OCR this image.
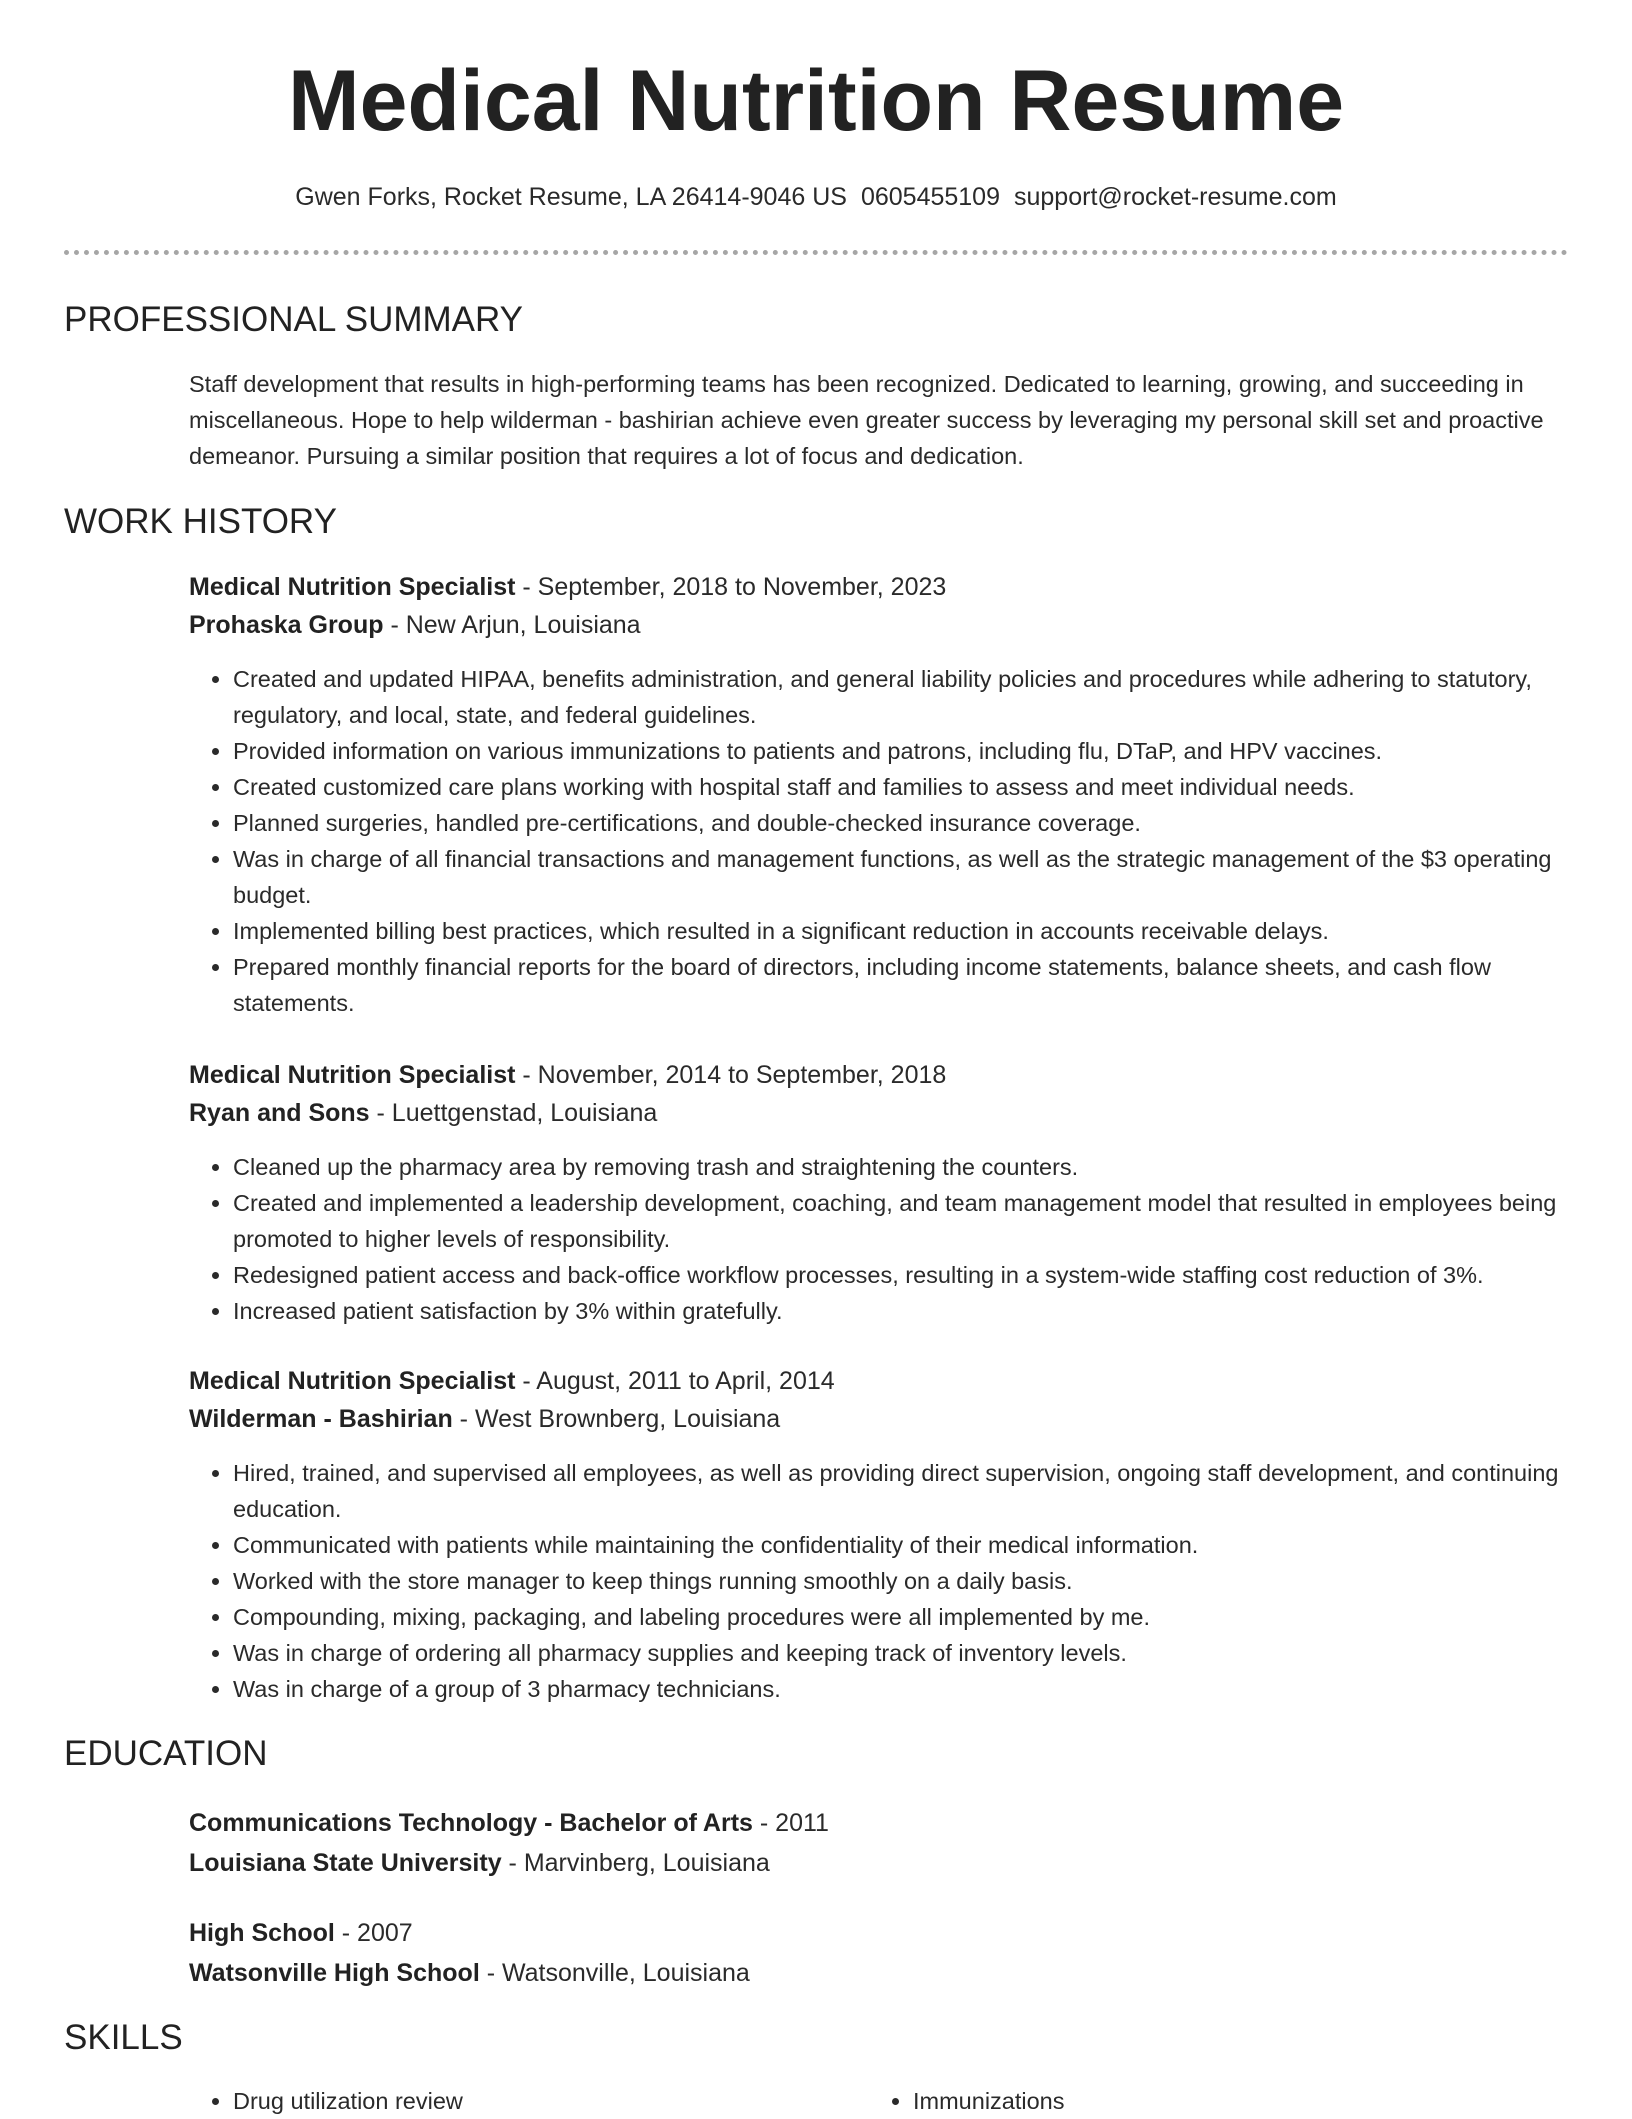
Medical Nutrition Resume
Gwen Forks, Rocket Resume, LA 26414-9046 US 0605455109 support@rocket-resume.com
PROFESSIONAL SUMMARY
Staff development that results in high-performing teams has been recognized. Dedicated to learning, growing, and succeeding in miscellaneous. Hope to help wilderman - bashirian achieve even greater success by leveraging my personal skill set and proactive demeanor. Pursuing a similar position that requires a lot of focus and dedication.
WORK HISTORY
Medical Nutrition Specialist - September, 2018 to November, 2023
Prohaska Group - New Arjun, Louisiana
• Created and updated HIPAA, benefits administration, and general liability policies and procedures while adhering to statutory, regulatory, and local, state, and federal guidelines.
• Provided information on various immunizations to patients and patrons, including flu, DTaP, and HPV vaccines.
• Created customized care plans working with hospital staff and families to assess and meet individual needs.
• Planned surgeries, handled pre-certifications, and double-checked insurance coverage.
• Was in charge of all financial transactions and management functions, as well as the strategic management of the $3 operating budget.
• Implemented billing best practices, which resulted in a significant reduction in accounts receivable delays.
• Prepared monthly financial reports for the board of directors, including income statements, balance sheets, and cash flow statements.
Medical Nutrition Specialist - November, 2014 to September, 2018
Ryan and Sons - Luettgenstad, Louisiana
• Cleaned up the pharmacy area by removing trash and straightening the counters.
• Created and implemented a leadership development, coaching, and team management model that resulted in employees being promoted to higher levels of responsibility.
• Redesigned patient access and back-office workflow processes, resulting in a system-wide staffing cost reduction of 3%.
• Increased patient satisfaction by 3% within gratefully.
Medical Nutrition Specialist - August, 2011 to April, 2014
Wilderman - Bashirian - West Brownberg, Louisiana
• Hired, trained, and supervised all employees, as well as providing direct supervision, ongoing staff development, and continuing education.
• Communicated with patients while maintaining the confidentiality of their medical information.
• Worked with the store manager to keep things running smoothly on a daily basis.
• Compounding, mixing, packaging, and labeling procedures were all implemented by me.
• Was in charge of ordering all pharmacy supplies and keeping track of inventory levels.
• Was in charge of a group of 3 pharmacy technicians.
EDUCATION
Communications Technology - Bachelor of Arts - 2011
Louisiana State University - Marvinberg, Louisiana
High School - 2007
Watsonville High School - Watsonville, Louisiana
SKILLS
• Drug utilization review
•	Immunizations
